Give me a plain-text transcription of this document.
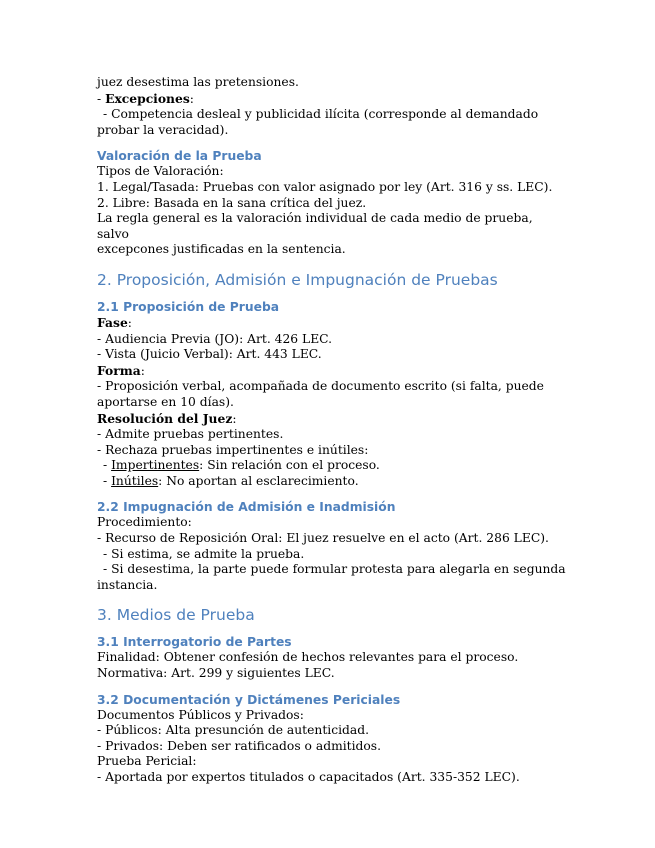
juez desestima las pretensiones.
- Excepciones:
- Competencia desleal y publicidad ilícita (corresponde al demandado
probar la veracidad).
Valoración de la Prueba
Tipos de Valoración:
1. Legal/Tasada: Pruebas con valor asignado por ley (Art. 316 y ss. LEC).
2. Libre: Basada en la sana crítica del juez.
La regla general es la valoración individual de cada medio de prueba, salvo
excepcones justificadas en la sentencia.
2. Proposición, Admisión e Impugnación de Pruebas
2.1 Proposición de Prueba
Fase:
- Audiencia Previa (JO): Art. 426 LEC.
- Vista (Juicio Verbal): Art. 443 LEC.
Forma:
- Proposición verbal, acompañada de documento escrito (si falta, puede
aportarse en 10 días).
Resolución del Juez:
- Admite pruebas pertinentes.
- Rechaza pruebas impertinentes e inútiles:
- Impertinentes: Sin relación con el proceso.
- Inútiles: No aportan al esclarecimiento.
2.2 Impugnación de Admisión e Inadmisión
Procedimiento:
- Recurso de Reposición Oral: El juez resuelve en el acto (Art. 286 LEC).
- Si estima, se admite la prueba.
- Si desestima, la parte puede formular protesta para alegarla en segunda
instancia.
3. Medios de Prueba
3.1 Interrogatorio de Partes
Finalidad: Obtener confesión de hechos relevantes para el proceso.
Normativa: Art. 299 y siguientes LEC.
3.2 Documentación y Dictámenes Periciales
Documentos Públicos y Privados:
- Públicos: Alta presunción de autenticidad.
- Privados: Deben ser ratificados o admitidos.
Prueba Pericial:
- Aportada por expertos titulados o capacitados (Art. 335-352 LEC).
